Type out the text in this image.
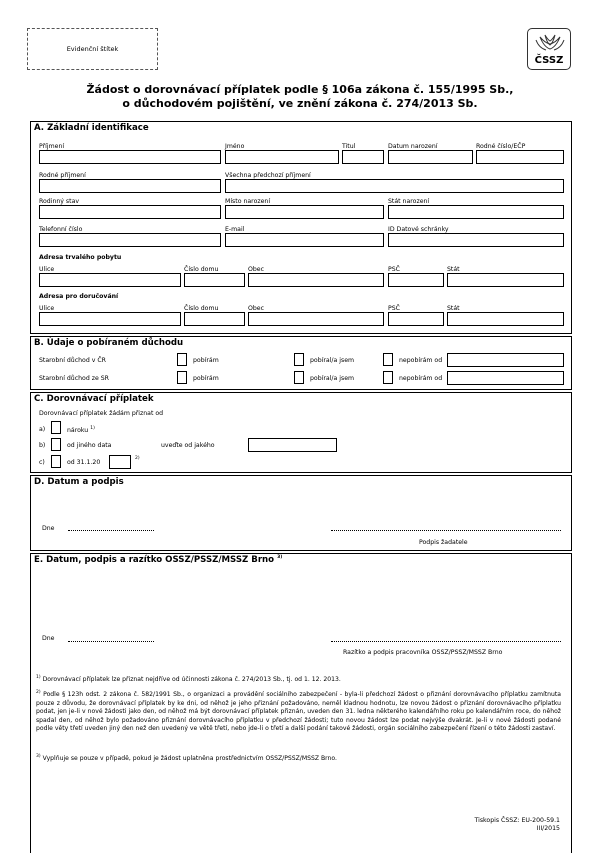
Evidenční štítek
ČSSZ
Žádost o dorovnávací příplatek podle § 106a zákona č. 155/1995 Sb.,
o důchodovém pojištění, ve znění zákona č. 274/2013 Sb.
A. Základní identifikace
Příjmení	Jméno	Titul	Datum narození	Rodné číslo/EČP
Rodné příjmení	Všechna předchozí příjmení
Rodinný stav	Místo narození	Stát narození
Telefonní číslo	E-mail	ID Datové schránky
Adresa trvalého pobytu
Ulice	Číslo domu	Obec	PSČ	Stát
Adresa pro doručování
Ulice	Číslo domu	Obec	PSČ	Stát
B. Údaje o pobíraném důchodu
Starobní důchod v ČR	pobírám	pobíral/a jsem	nepobírám od
Starobní důchod ze SR	pobírám	pobíral/a jsem	nepobírám od
C. Dorovnávací příplatek
Dorovnávací příplatek žádám přiznat od
a)	nároku $^{1)}$
b)	od jiného data	uveďte od jakého
c)	od 31.1.20
$^{2)}$
D. Datum a podpis
Dne
Podpis žadatele
E. Datum, podpis a razítko OSSZ/PSSZ/MSSZ Brno $^{3)}$
Dne
Razítko a podpis pracovníka OSSZ/PSSZ/MSSZ Brno
$^{1)}$ Dorovnávací příplatek lze přiznat nejdříve od účinnosti zákona č. 274/2013 Sb., tj. od 1. 12. 2013.
$^{2)}$ Podle § 123h odst. 2 zákona č. 582/1991 Sb., o organizaci a provádění sociálního zabezpečení - byla-li předchozí žádost o přiznání dorovnávacího příplatku zamítnuta pouze z důvodu, že dorovnávací příplatek by ke dni, od něhož je jeho přiznání požadováno, neměl kladnou hodnotu, lze novou žádost o přiznání dorovnávacího příplatku podat, jen je-li v nové žádosti jako den, od něhož má být dorovnávací příplatek přiznán, uveden den 31. ledna některého kalendářního roku po kalendářním roce, do něhož spadal den, od něhož bylo požadováno přiznání dorovnávacího příplatku v předchozí žádosti; tuto novou žádost lze podat nejvýše dvakrát. Je-li v nové žádosti podané podle věty třetí uveden jiný den než den uvedený ve větě třetí, nebo jde-li o třetí a další podání takové žádosti, orgán sociálního zabezpečení řízení o této žádosti zastaví.
$^{3)}$ Vyplňuje se pouze v případě, pokud je žádost uplatněna prostřednictvím OSSZ/PSSZ/MSSZ Brno.
Tiskopis ČSSZ: EU-200-59.1
III/2015
